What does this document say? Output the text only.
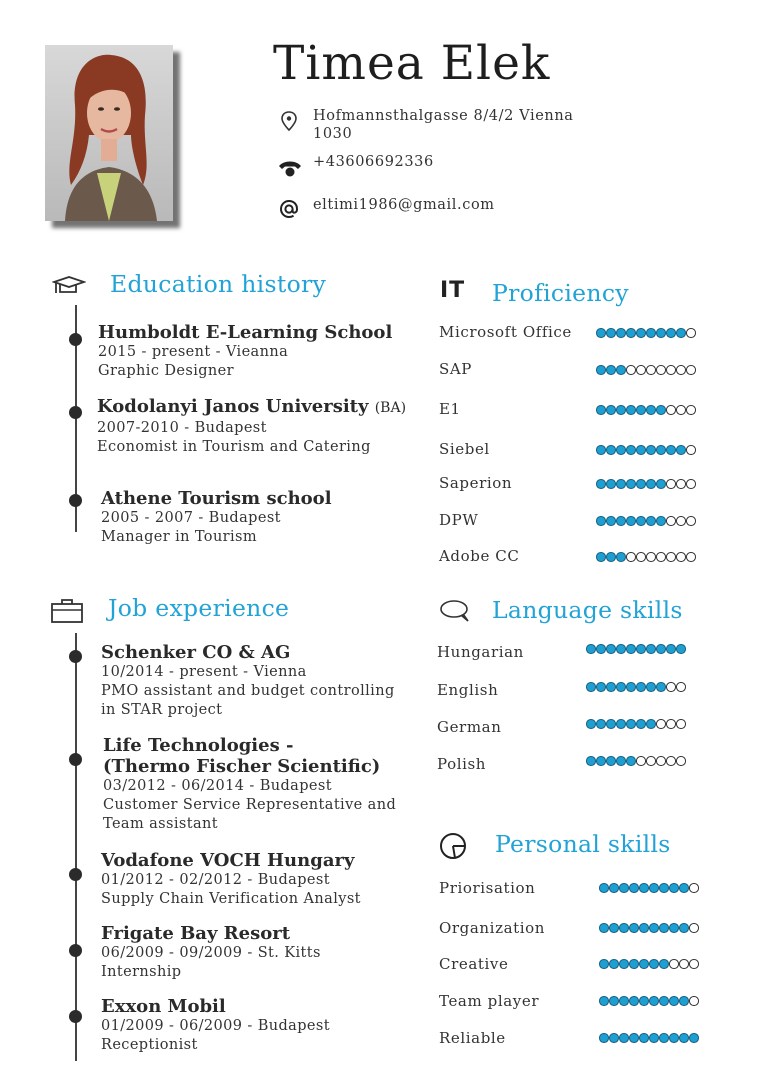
Timea Elek
Hofmannsthalgasse 8/4/2 Vienna
1030
+43606692336
eltimi1986@gmail.com
Education history
Humboldt E-Learning School
2015 - present - Vieanna
Graphic Designer
Kodolanyi Janos University (BA)
2007-2010 - Budapest
Economist in Tourism and Catering
Athene Tourism school
2005 - 2007 - Budapest
Manager in Tourism
Job experience
Schenker CO & AG
10/2014 - present - Vienna
PMO assistant and budget controlling
in STAR project
Life Technologies -
(Thermo Fischer Scientific)
03/2012 - 06/2014 - Budapest
Customer Service Representative and
Team assistant
Vodafone VOCH Hungary
01/2012 - 02/2012 - Budapest
Supply Chain Verification Analyst
Frigate Bay Resort
06/2009 - 09/2009 - St. Kitts
Internship
Exxon Mobil
01/2009 - 06/2009 - Budapest
Receptionist
IT Proficiency
Microsoft Office
SAP
E1
Siebel
Saperion
DPW
Adobe CC
Language skills
Hungarian
English
German
Polish
Personal skills
Priorisation
Organization
Creative
Team player
Reliable
